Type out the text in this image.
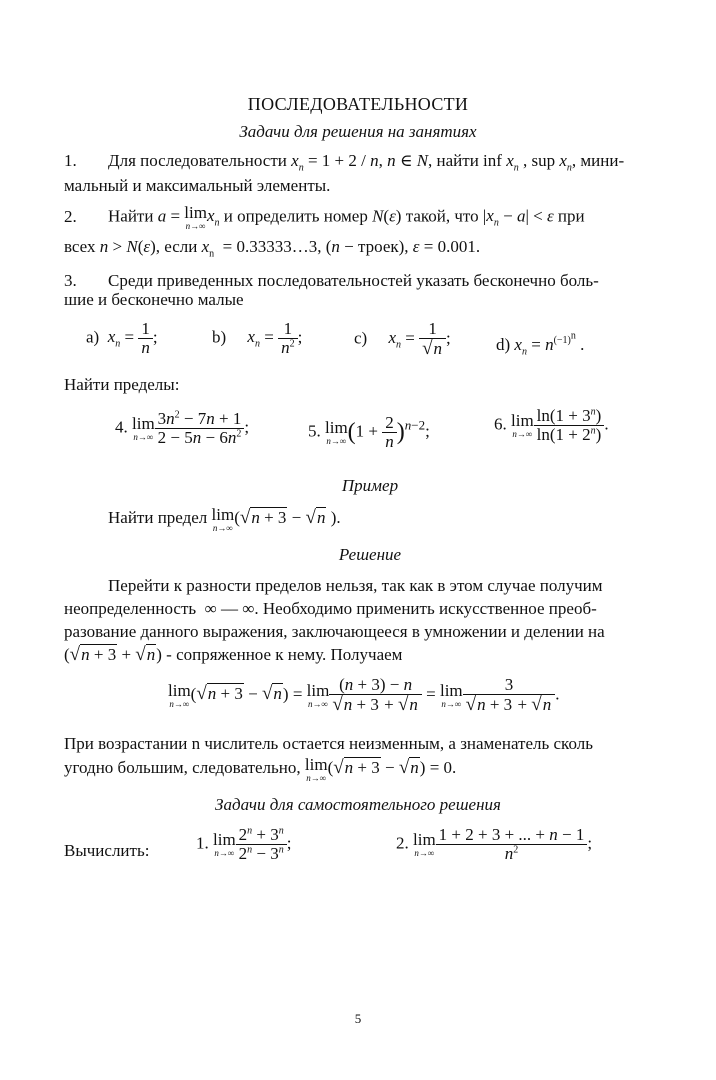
ПОСЛЕДОВАТЕЛЬНОСТИ
Задачи для решения на занятиях
1. Для последовательности $x_n = 1 + 2 / n$, n ∈ N, найти inf $x_n$ , sup $x_n$, мини-
мальный и максимальный элементы.
2. Найти a = lim
n→∞
$x_n$ и определить номер N(ε) такой, что $|x_n - a| < \varepsilon$ при
всех n > N(ε), если $x_n$  = 0.33333…3, (n − троек), ε = 0.001.
3. Среди приведенных последовательностей указать бесконечно боль-
шие и бесконечно малые
a) $x_n = \frac{1}{n}$ ;	b) $x_n = \frac{1}{n^2}$ ;	c) $x_n = \frac{1}{√n}$ ;	d) $x_n = n^{(-1)^n}$ .
Найти пределы:
4. lim
$n\to\infty \frac{3n^2 - 7n + 1}{2 - 5n - 6n^2}$ ;	5. lim
n→∞ $(1 + \frac{2}{n} )^{n-2}$;	6. lim
$n\to\infty \frac{\ln(1 + 3^n)}{\ln(1 + 2^n)}$ .
Пример
Найти предел lim
n→∞
(√n + 3 − √n ).
Решение
Перейти к разности пределов нельзя, так как в этом случае получим
неопределенность ∞ — ∞. Необходимо применить искусственное преоб-
разование данного выражения, заключающееся в умножении и делении на
(√n + 3 + √n) - сопряженное к нему. Получаем
lim
n→∞
(√n + 3 − √n) = lim
$n\to\infty \frac{(n + 3) - n}{√n + 3 + √n} = \lim$
$n\to\infty \frac{3}{√n + 3 + √n}$ .
При возрастании n числитель остается неизменным, а знаменатель сколь
угодно большим, следовательно, lim
n→∞
(√n + 3 − √n) = 0.
Задачи для самостоятельного решения
Вычислить:	1. lim
$n\to\infty \frac{2^n + 3^n}{2^n - 3^n}$ ;	2. lim
$n\to\infty \frac{1 + 2 + 3 + ... + n - 1}{n^2}$ ;
5
